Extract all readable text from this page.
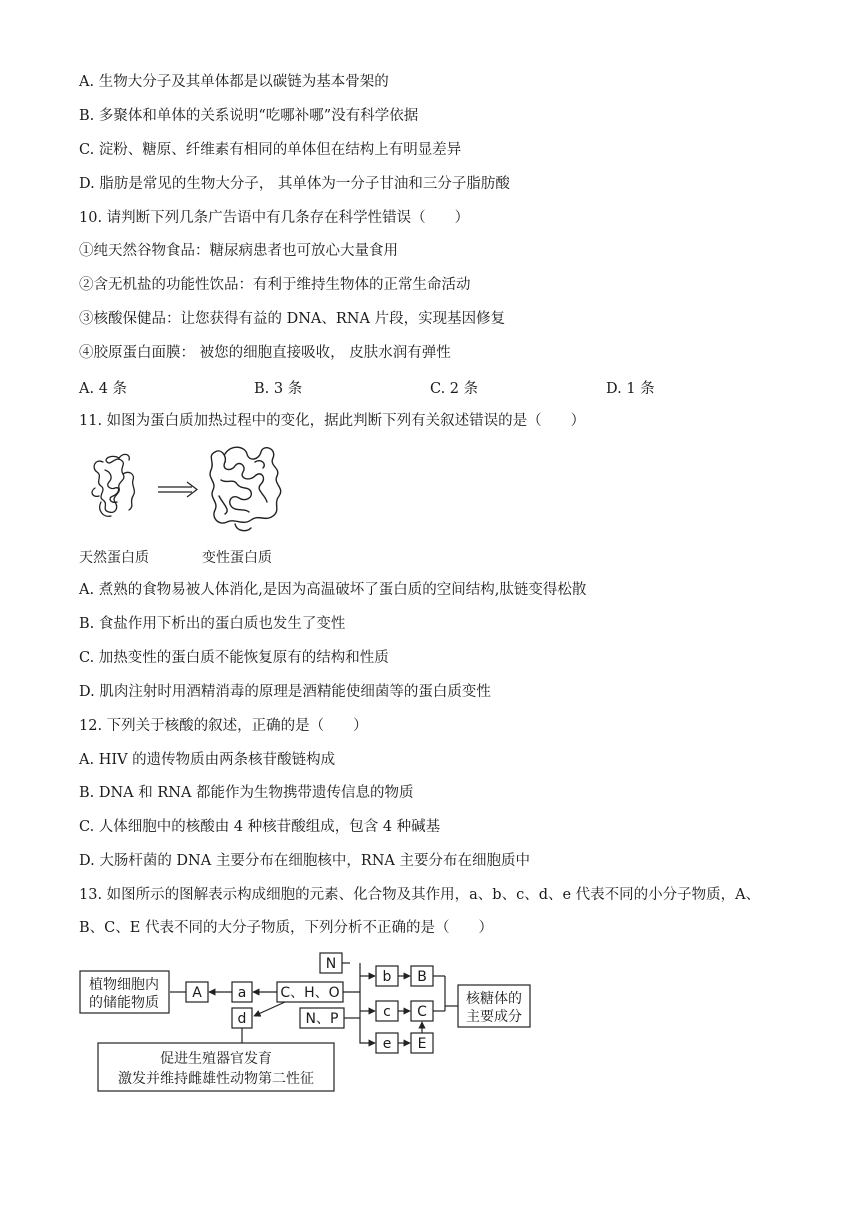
A. 生物大分子及其单体都是以碳链为基本骨架的
B. 多聚体和单体的关系说明“吃哪补哪”没有科学依据
C. 淀粉、糖原、纤维素有相同的单体但在结构上有明显差异
D. 脂肪是常见的生物大分子， 其单体为一分子甘油和三分子脂肪酸
10. 请判断下列几条广告语中有几条存在科学性错误（　　）
①纯天然谷物食品：糖尿病患者也可放心大量食用
②含无机盐的功能性饮品：有利于维持生物体的正常生命活动
③核酸保健品：让您获得有益的 DNA、RNA 片段，实现基因修复
④胶原蛋白面膜： 被您的细胞直接吸收， 皮肤水润有弹性
A. 4 条	B. 3 条	C. 2 条	D. 1 条
11. 如图为蛋白质加热过程中的变化，据此判断下列有关叙述错误的是（　　）
天然蛋白质	变性蛋白质
A. 煮熟的食物易被人体消化,是因为高温破坏了蛋白质的空间结构,肽链变得松散
B. 食盐作用下析出的蛋白质也发生了变性
C. 加热变性的蛋白质不能恢复原有的结构和性质
D. 肌肉注射时用酒精消毒的原理是酒精能使细菌等的蛋白质变性
12. 下列关于核酸的叙述，正确的是（　　）
A. HIV 的遗传物质由两条核苷酸链构成
B. DNA 和 RNA 都能作为生物携带遗传信息的物质
C. 人体细胞中的核酸由 4 种核苷酸组成，包含 4 种碱基
D. 大肠杆菌的 DNA 主要分布在细胞核中，RNA 主要分布在细胞质中
13. 如图所示的图解表示构成细胞的元素、化合物及其作用，a、b、c、d、e 代表不同的小分子物质，A、
B、C、E 代表不同的大分子物质，下列分析不正确的是（　　）
植物细胞内
的储能物质
A	a C、H、O
d
N
N、P
b B
c C
e E
核糖体的
主要成分
促进生殖器官发育
激发并维持雌雄性动物第二性征
